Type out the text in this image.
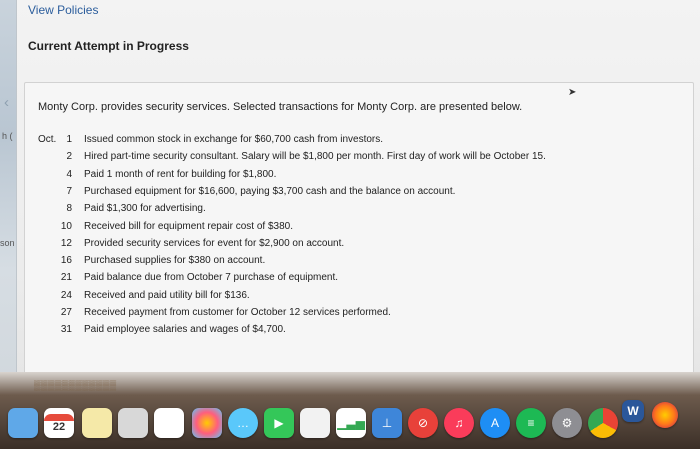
h (
son
‹
View Policies
Current Attempt in Progress
Monty Corp. provides security services. Selected transactions for Monty Corp. are presented below.
➤
Oct.	1 Issued common stock in exchange for $60,700 cash from investors.
2 Hired part-time security consultant. Salary will be $1,800 per month. First day of work will be October 15.
4 Paid 1 month of rent for building for $1,800.
7 Purchased equipment for $16,600, paying $3,700 cash and the balance on account.
8 Paid $1,300 for advertising.
10 Received bill for equipment repair cost of $380.
12 Provided security services for event for $2,900 on account.
16 Purchased supplies for $380 on account.
21 Paid balance due from October 7 purchase of equipment.
24 Received and paid utility bill for $136.
27 Received payment from customer for October 12 services performed.
31 Paid employee salaries and wages of $4,700.
▒▒▒▒▒▒▒▒▒▒▒▒
22	…	▶	▁▃▅	⊥	⊘	♫	A	≡	⚙
W
